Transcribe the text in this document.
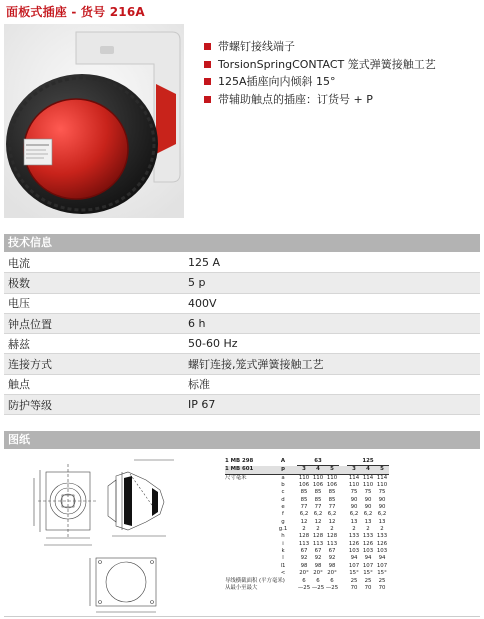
面板式插座 - 货号 216A
带螺钉接线端子
TorsionSpringCONTACT 笼式弹簧接触工艺
125A插座向内倾斜 15°
带辅助触点的插座：订货号 + P
技术信息
电流	125 A
极数	5 p
电压	400V
钟点位置	6 h
赫兹	50-60 Hz
连接方式	螺钉连接,笼式弹簧接触工艺
触点	标准
防护等级	IP 67
图纸
1 MB 298	A		63				125		
1 MB 601	p		3	4	5		3	4	5
尺寸毫米	a		110	110	110		114	114	114
	b		106	106	106		110	110	110
	c		85	85	85		75	75	75
	d		85	85	85		90	90	90
	e		77	77	77		90	90	90
	f		6,2	6,2	6,2		6,2	6,2	6,2
	g		12	12	12		13	13	13
	g.1		2	2	2		2	2	2
	h		128	128	128		133	133	133
	i		113	113	113		126	126	126
	k		67	67	67		103	103	103
	l		92	92	92		94	94	94
	l1		98	98	98		107	107	107
	<		20°	20°	20°		15°	15°	15°
导线横截面积 (平方毫米)			6	6	6		25	25	25
从最小至最大			—25	—25	—25		70	70	70
